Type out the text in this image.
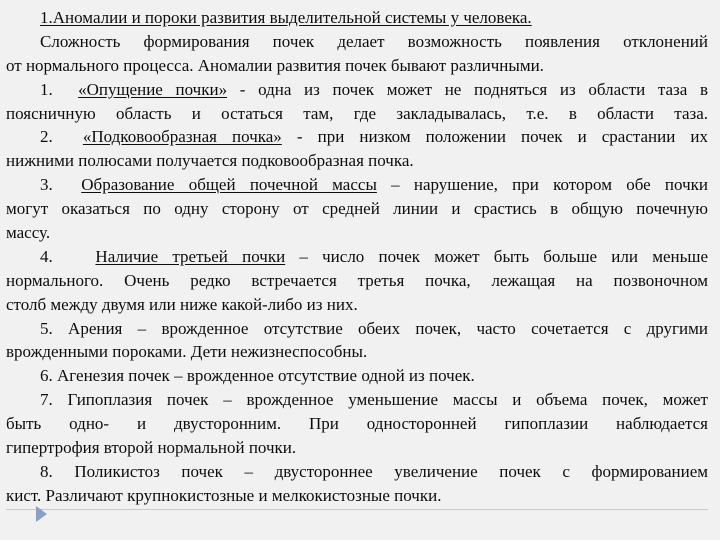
1.Аномалии и пороки развития выделительной системы у человека.
Сложность формирования почек делает возможность появления отклонений
от нормального процесса. Аномалии развития почек бывают различными.
1. «Опущение почки» - одна из почек может не подняться из области таза в
поясничную область и остаться там, где закладывалась, т.е. в области таза.
2. «Подковообразная почка» - при низком положении почек и срастании их
нижними полюсами получается подковообразная почка.
3. Образование общей почечной массы – нарушение, при котором обе почки
могут оказаться по одну сторону от средней линии и срастись в общую почечную
массу.
4.	Наличие третьей почки – число почек может быть больше или меньше
нормального. Очень редко встречается третья почка, лежащая на позвоночном
столб между двумя или ниже какой-либо из них.
5. Арения – врожденное отсутствие обеих почек, часто сочетается с другими
врожденными пороками. Дети нежизнеспособны.
6. Агенезия почек – врожденное отсутствие одной из почек.
7. Гипоплазия почек – врожденное уменьшение массы и объема почек, может
быть одно- и двусторонним. При односторонней гипоплазии наблюдается
гипертрофия второй нормальной почки.
8. Поликистоз почек – двустороннее увеличение почек с формированием
кист. Различают крупнокистозные и мелкокистозные почки.
